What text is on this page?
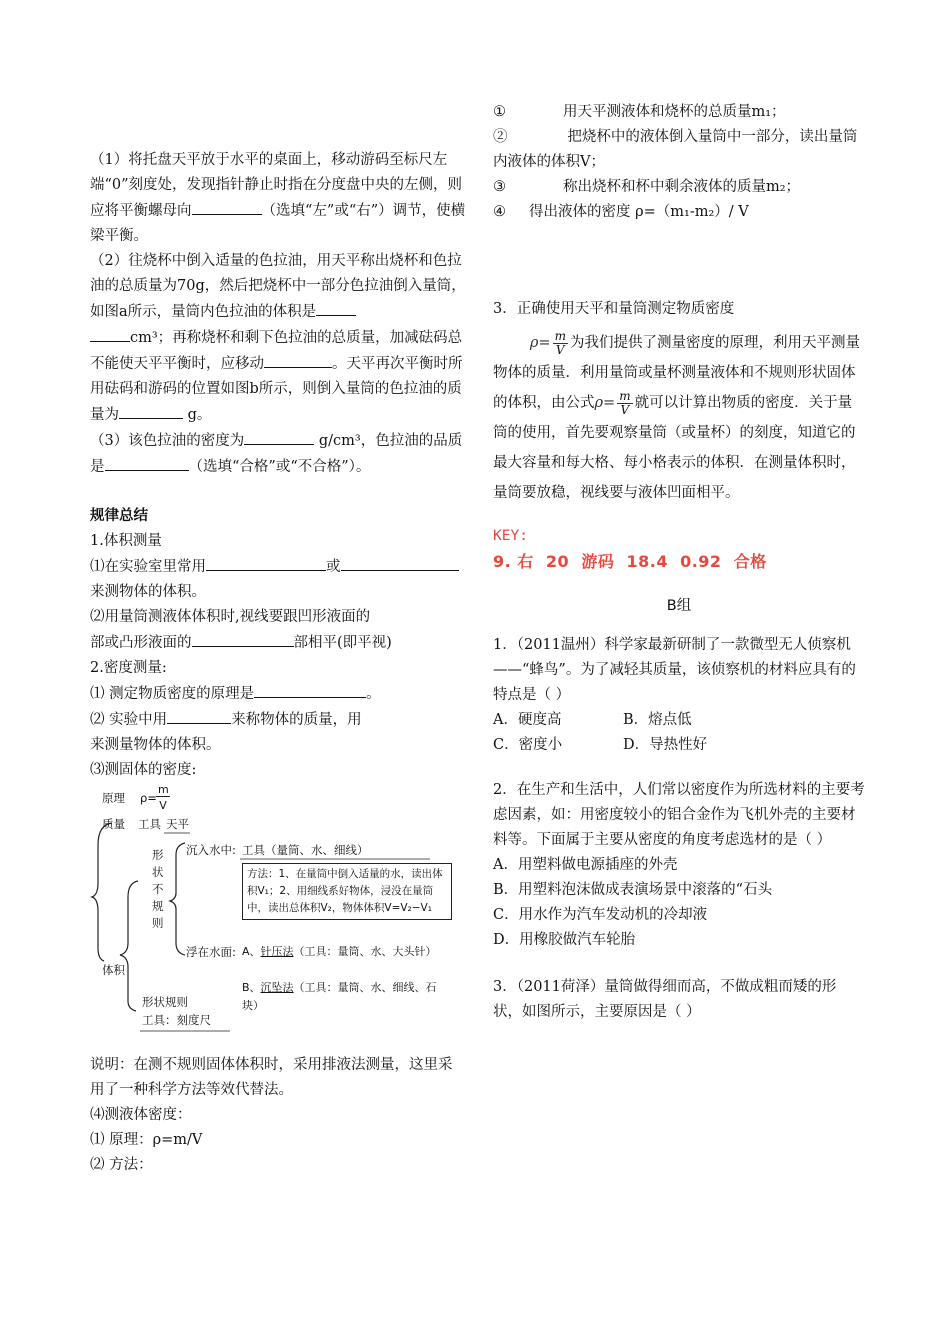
（1）将托盘天平放于水平的桌面上，移动游码至标尺左端“0”刻度处，发现指针静止时指在分度盘中央的左侧，则应将平衡螺母向	（选填“左”或“右”）调节，使横梁平衡。

（2）往烧杯中倒入适量的色拉油，用天平称出烧杯和色拉油的总质量为70g，然后把烧杯中一部分色拉油倒入量筒，如图a所示，量筒内色拉油的体积是
cm³；再称烧杯和剩下色拉油的总质量，加减砝码总不能使天平平衡时，应移动	。天平再次平衡时所用砝码和游码的位置如图b所示，则倒入量筒的色拉油的质量为	g。

（3）该色拉油的密度为	g/cm³，色拉油的品质是	（选填“合格”或“不合格”）。

规律总结

1.体积测量

⑴在实验室里常用	或
来测物体的体积。

⑵用量筒测液体体积时,视线要跟凹形液面的
部或凸形液面的	部相平(即平视)

2.密度测量:

⑴ 测定物质密度的原理是	。

⑵ 实验中用	来称物体的质量，用
来测量物体的体积。

⑶测固体的密度:

原理 ρ=
m
V
质量 工具 天平
形
状
不
规
则
沉入水中: 工具（量筒、水、细线）
方法：1、在量筒中倒入适量的水，读出体积V₁；2、用细线系好物体，浸没在量筒中，读出总体积V₂，物体体积V=V₂−V₁
浮在水面: A、针压法（工具：量筒、水、大头针）
体积
B、沉坠法（工具：量筒、水、细线、石块）
形状规则
工具：刻度尺

说明：在测不规则固体体积时，采用排液法测量，这里采用了一种科学方法等效代替法。

⑷测液体密度：

⑴ 原理：ρ=m/V

⑵ 方法：

①	用天平测液体和烧杯的总质量m₁；

②	把烧杯中的液体倒入量筒中一部分，读出量筒内液体的体积V；

③	称出烧杯和杯中剩余液体的质量m₂；
④	得出液体的密度 ρ=（m₁-m₂）/ V

3．正确使用天平和量筒测定物质密度

$\rho= \frac{m}{V}$ 为我们提供了测量密度的原理，利用天平测量物体的质量．利用量筒或量杯测量液体和不规则形状固体的体积，由公式$\rho= \frac{m}{V}$ 就可以计算出物质的密度．关于量筒的使用，首先要观察量筒（或量杯）的刻度，知道它的最大容量和每大格、每小格表示的体积．在测量体积时，量筒要放稳，视线要与液体凹面相平。

KEY:

9. 右  20  游码  18.4  0.92  合格

B组

1．（2011温州）科学家最新研制了一款微型无人侦察机——“蜂鸟”。为了减轻其质量，该侦察机的材料应具有的特点是（ ）

A．硬度高	B．熔点低
C．密度小	D．导热性好

2．在生产和生活中，人们常以密度作为所选材料的主要考虑因素，如：用密度较小的铝合金作为飞机外壳的主要材料等。下面属于主要从密度的角度考虑选材的是（ ）

A．用塑料做电源插座的外壳

B．用塑料泡沫做成表演场景中滚落的“石头

C．用水作为汽车发动机的冷却液

D．用橡胶做汽车轮胎

3．（2011荷泽）量筒做得细而高，不做成粗而矮的形状，如图所示，主要原因是（ ）
